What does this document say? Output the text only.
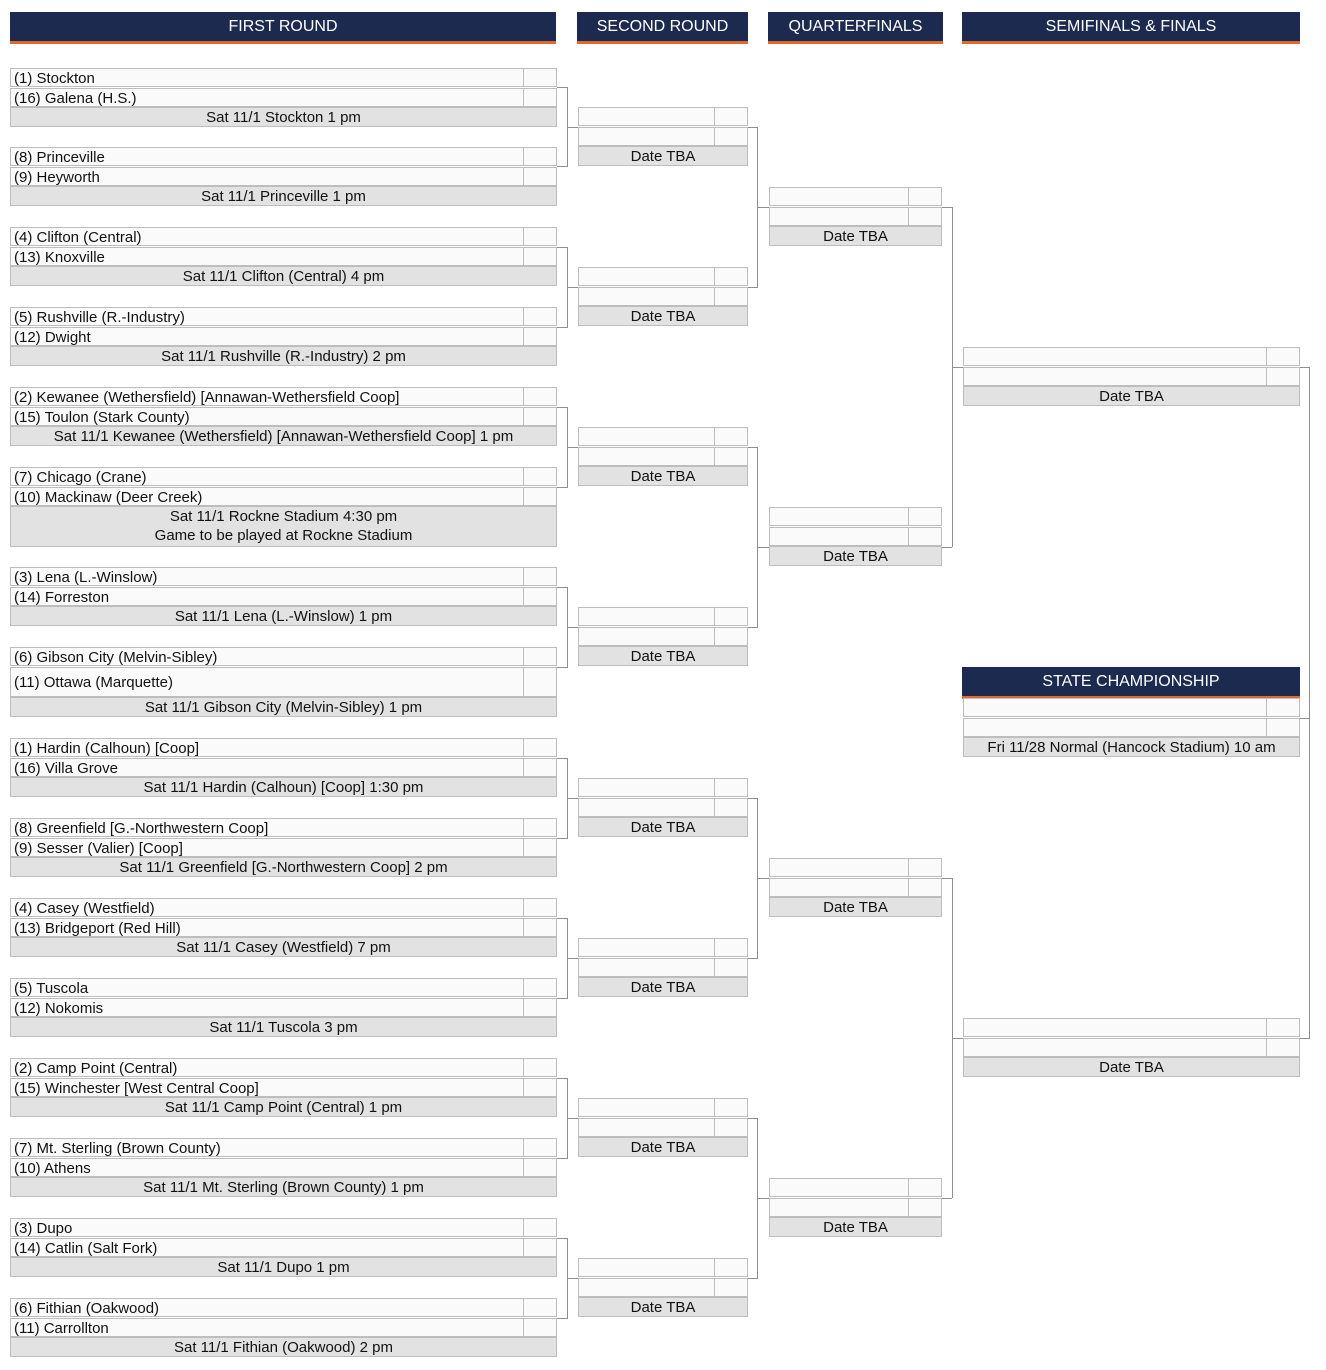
FIRST ROUND	SECOND ROUND	QUARTERFINALS	SEMIFINALS & FINALS
STATE CHAMPIONSHIP
(1) Stockton
(16) Galena (H.S.)
Sat 11/1 Stockton 1 pm
(8) Princeville
(9) Heyworth
Sat 11/1 Princeville 1 pm
(4) Clifton (Central)
(13) Knoxville
Sat 11/1 Clifton (Central) 4 pm
(5) Rushville (R.-Industry)
(12) Dwight
Sat 11/1 Rushville (R.-Industry) 2 pm
(2) Kewanee (Wethersfield) [Annawan-Wethersfield Coop]
(15) Toulon (Stark County)
Sat 11/1 Kewanee (Wethersfield) [Annawan-Wethersfield Coop] 1 pm
(7) Chicago (Crane)
(10) Mackinaw (Deer Creek)
Sat 11/1 Rockne Stadium 4:30 pm
Game to be played at Rockne Stadium
(3) Lena (L.-Winslow)
(14) Forreston
Sat 11/1 Lena (L.-Winslow) 1 pm
(6) Gibson City (Melvin-Sibley)
(11) Ottawa (Marquette)
Sat 11/1 Gibson City (Melvin-Sibley) 1 pm
(1) Hardin (Calhoun) [Coop]
(16) Villa Grove
Sat 11/1 Hardin (Calhoun) [Coop] 1:30 pm
(8) Greenfield [G.-Northwestern Coop]
(9) Sesser (Valier) [Coop]
Sat 11/1 Greenfield [G.-Northwestern Coop] 2 pm
(4) Casey (Westfield)
(13) Bridgeport (Red Hill)
Sat 11/1 Casey (Westfield) 7 pm
(5) Tuscola
(12) Nokomis
Sat 11/1 Tuscola 3 pm
(2) Camp Point (Central)
(15) Winchester [West Central Coop]
Sat 11/1 Camp Point (Central) 1 pm
(7) Mt. Sterling (Brown County)
(10) Athens
Sat 11/1 Mt. Sterling (Brown County) 1 pm
(3) Dupo
(14) Catlin (Salt Fork)
Sat 11/1 Dupo 1 pm
(6) Fithian (Oakwood)
(11) Carrollton
Sat 11/1 Fithian (Oakwood) 2 pm
Date TBA
Date TBA
Date TBA
Date TBA
Date TBA
Date TBA
Date TBA
Date TBA
Date TBA
Date TBA
Date TBA
Date TBA
Date TBA
Date TBA
Fri 11/28 Normal (Hancock Stadium) 10 am
